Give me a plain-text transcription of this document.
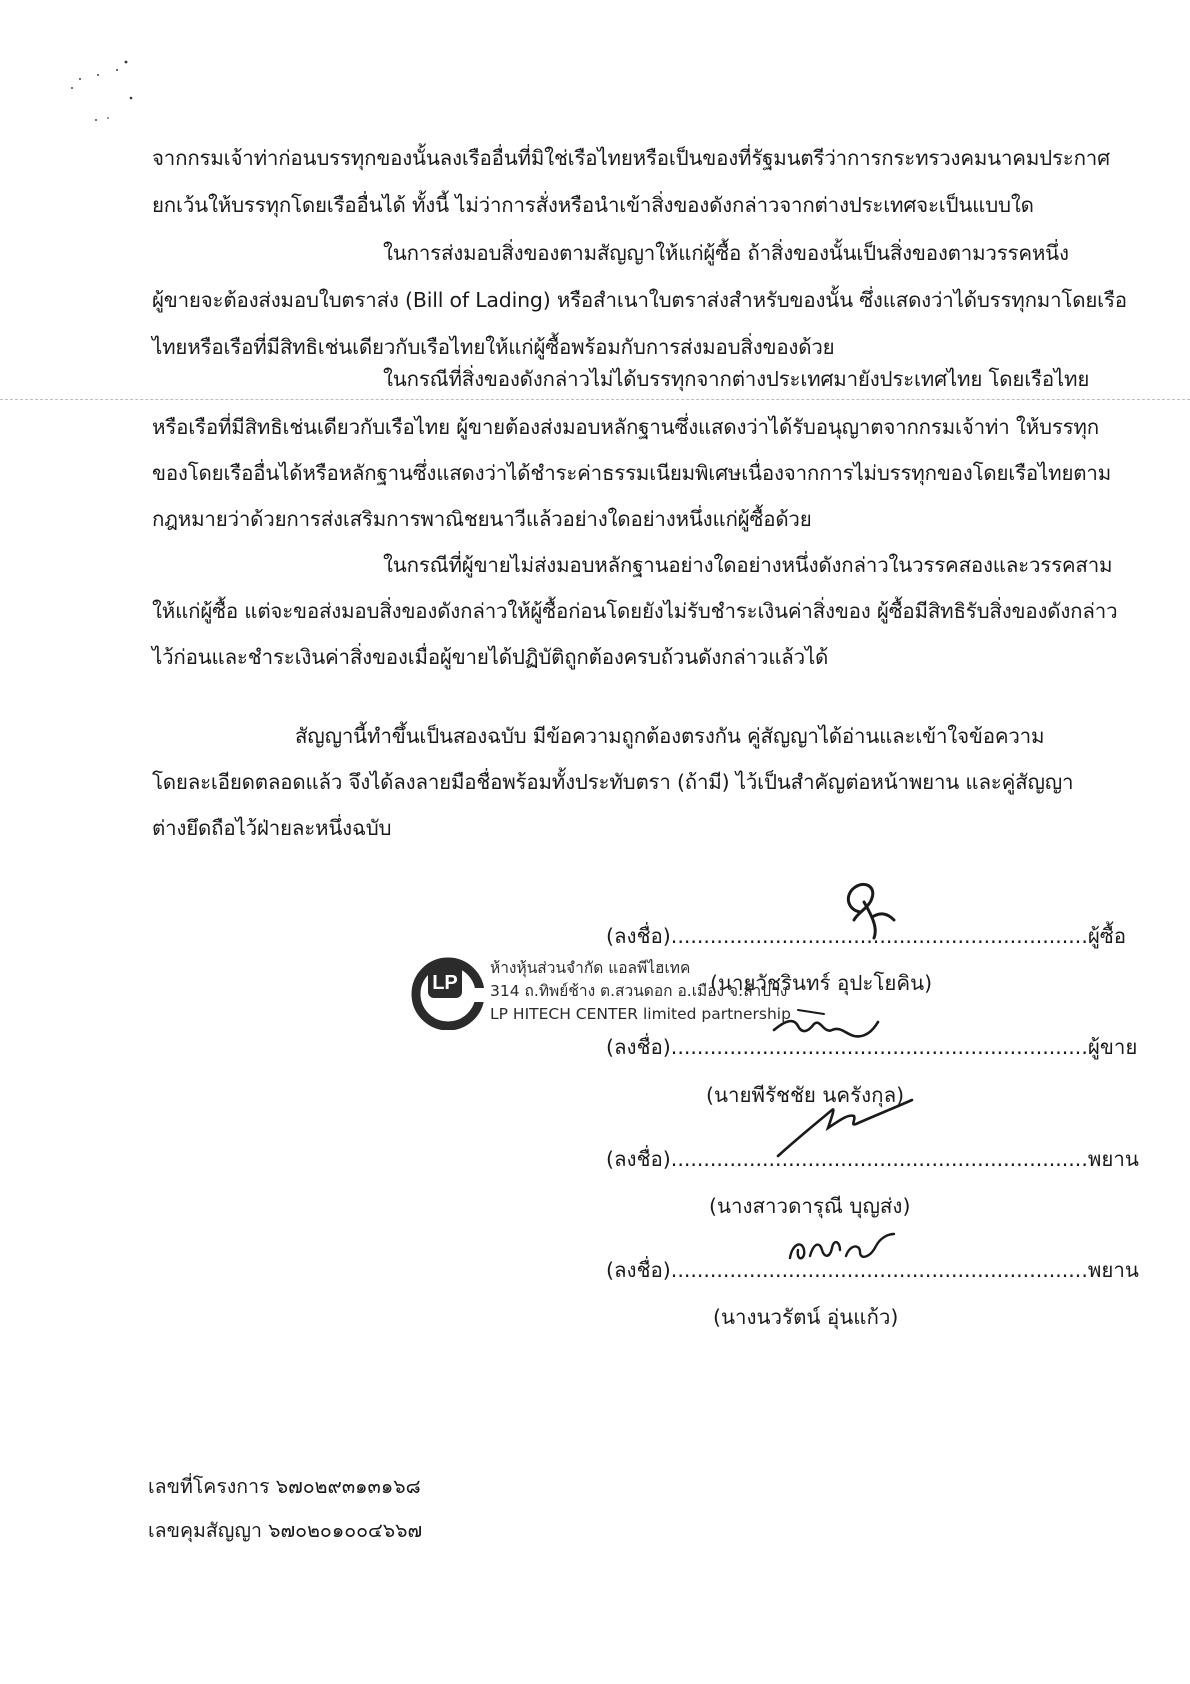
จากกรมเจ้าท่าก่อนบรรทุกของนั้นลงเรืออื่นที่มิใช่เรือไทยหรือเป็นของที่รัฐมนตรีว่าการกระทรวงคมนาคมประกาศ
ยกเว้นให้บรรทุกโดยเรืออื่นได้ ทั้งนี้ ไม่ว่าการสั่งหรือนำเข้าสิ่งของดังกล่าวจากต่างประเทศจะเป็นแบบใด
ในการส่งมอบสิ่งของตามสัญญาให้แก่ผู้ซื้อ ถ้าสิ่งของนั้นเป็นสิ่งของตามวรรคหนึ่ง
ผู้ขายจะต้องส่งมอบใบตราส่ง (Bill of Lading) หรือสำเนาใบตราส่งสำหรับของนั้น ซึ่งแสดงว่าได้บรรทุกมาโดยเรือ
ไทยหรือเรือที่มีสิทธิเช่นเดียวกับเรือไทยให้แก่ผู้ซื้อพร้อมกับการส่งมอบสิ่งของด้วย
ในกรณีที่สิ่งของดังกล่าวไม่ได้บรรทุกจากต่างประเทศมายังประเทศไทย โดยเรือไทย
หรือเรือที่มีสิทธิเช่นเดียวกับเรือไทย ผู้ขายต้องส่งมอบหลักฐานซึ่งแสดงว่าได้รับอนุญาตจากกรมเจ้าท่า ให้บรรทุก
ของโดยเรืออื่นได้หรือหลักฐานซึ่งแสดงว่าได้ชำระค่าธรรมเนียมพิเศษเนื่องจากการไม่บรรทุกของโดยเรือไทยตาม
กฎหมายว่าด้วยการส่งเสริมการพาณิชยนาวีแล้วอย่างใดอย่างหนึ่งแก่ผู้ซื้อด้วย
ในกรณีที่ผู้ขายไม่ส่งมอบหลักฐานอย่างใดอย่างหนึ่งดังกล่าวในวรรคสองและวรรคสาม
ให้แก่ผู้ซื้อ แต่จะขอส่งมอบสิ่งของดังกล่าวให้ผู้ซื้อก่อนโดยยังไม่รับชำระเงินค่าสิ่งของ ผู้ซื้อมีสิทธิรับสิ่งของดังกล่าว
ไว้ก่อนและชำระเงินค่าสิ่งของเมื่อผู้ขายได้ปฏิบัติถูกต้องครบถ้วนดังกล่าวแล้วได้
สัญญานี้ทำขึ้นเป็นสองฉบับ มีข้อความถูกต้องตรงกัน คู่สัญญาได้อ่านและเข้าใจข้อความ
โดยละเอียดตลอดแล้ว จึงได้ลงลายมือชื่อพร้อมทั้งประทับตรา (ถ้ามี) ไว้เป็นสำคัญต่อหน้าพยาน และคู่สัญญา
ต่างยึดถือไว้ฝ่ายละหนึ่งฉบับ
(ลงชื่อ)................................................................ผู้ซื้อ
(นายวัชรินทร์ อุปะโยคิน)
(ลงชื่อ)................................................................ผู้ขาย
(นายพีรัชชัย นครังกุล)
(ลงชื่อ)................................................................พยาน
(นางสาวดารุณี บุญส่ง)
(ลงชื่อ)................................................................พยาน
(นางนวรัตน์ อุ่นแก้ว)
LP
ห้างหุ้นส่วนจำกัด แอลพีไฮเทค
314 ถ.ทิพย์ช้าง ต.สวนดอก อ.เมือง จ.ลำปาง
LP HITECH CENTER limited partnership
เลขที่โครงการ ๖๗๐๒๙๓๑๓๑๖๘
เลขคุมสัญญา ๖๗๐๒๐๑๐๐๔๖๖๗
